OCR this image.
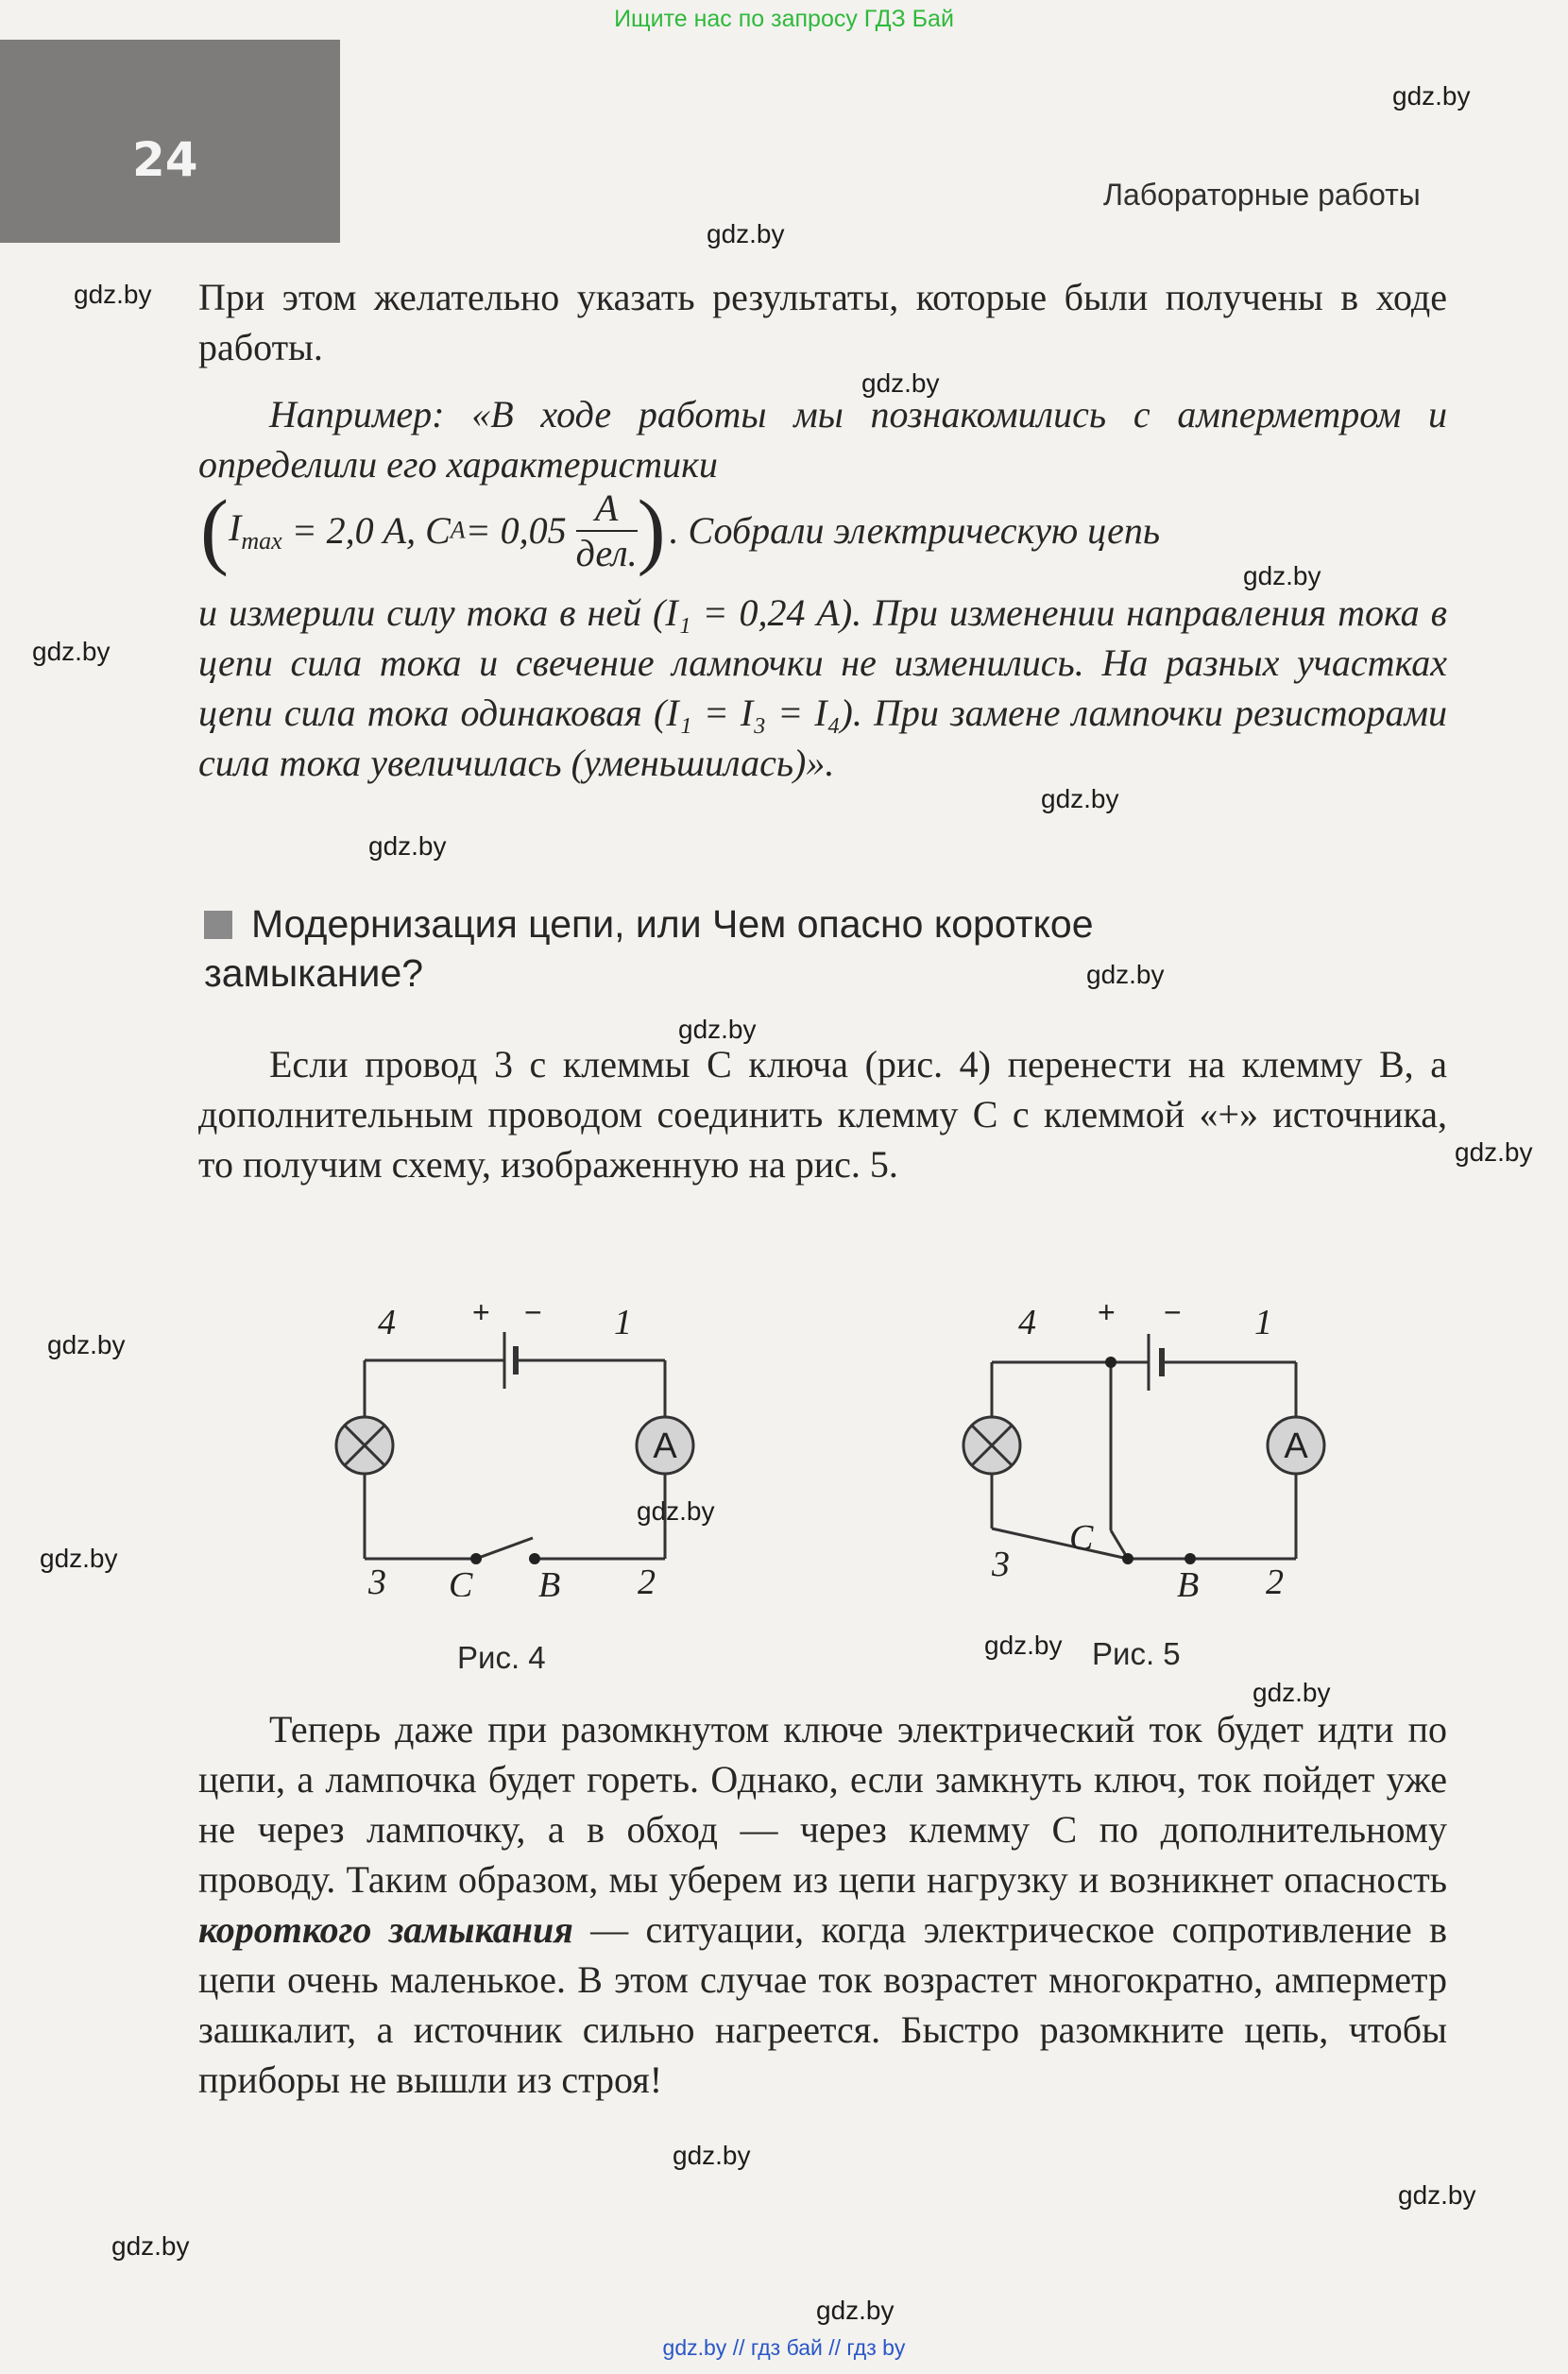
Ищите нас по запросу ГДЗ Бай
24
Лабораторные работы
gdz.by
gdz.by
gdz.by
gdz.by
gdz.by
gdz.by
gdz.by
gdz.by
gdz.by
gdz.by
gdz.by
gdz.by
gdz.by
gdz.by
gdz.by
gdz.by
gdz.by
gdz.by
gdz.by
gdz.by
При этом желательно указать результаты, которые были получены в ходе работы.
Например: «В ходе работы мы познакомились с амперметром и определили его характеристики
($I_{max} = 2,0$ А, $CA= 0,05 \frac{А}{\text{дел.}}$ ) . Собрали электрическую цепь
и измерили силу тока в ней (I₁ = 0,24 А). При изменении направления тока в цепи сила тока и свечение лампочки не изменились. На разных участках цепи сила тока одинаковая (I₁ = I₃ = I₄). При замене лампочки резисторами сила тока увеличилась (уменьшилась)».
Модернизация цепи, или Чем опасно короткое замыкание?
Если провод 3 с клеммы C ключа (рис. 4) перенести на клемму B, а дополнительным проводом соединить клемму C с клеммой «+» источника, то получим схему, изображенную на рис. 5.
A
4	1
3	2
C B
+ −
Рис. 4
A
4	1
3	2
C
B
+ −
Рис. 5
Теперь даже при разомкнутом ключе электрический ток будет идти по цепи, а лампочка будет гореть. Однако, если замкнуть ключ, ток пойдет уже не через лампочку, а в обход — через клемму C по дополнительному проводу. Таким образом, мы уберем из цепи нагрузку и возникнет опасность короткого замыкания — ситуации, когда электрическое сопротивление в цепи очень маленькое. В этом случае ток возрастет многократно, амперметр зашкалит, а источник сильно нагреется. Быстро разомкните цепь, чтобы приборы не вышли из строя!
gdz.by // гдз бай // гдз by
